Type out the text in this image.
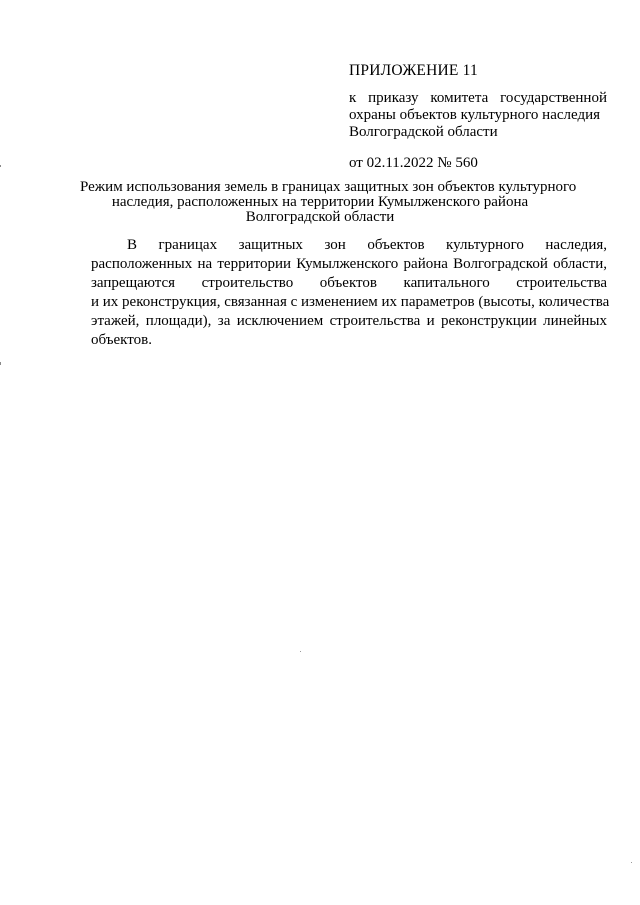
ПРИЛОЖЕНИЕ 11
к приказу комитета государственной
охраны объектов культурного наследия
Волгоградской области
от 02.11.2022 № 560
Режим использования земель в границах защитных зон объектов культурного
наследия, расположенных на территории Кумылженского района
Волгоградской области
В границах защитных зон объектов культурного наследия,
расположенных на территории Кумылженского района Волгоградской области,
запрещаются строительство объектов капитального строительства
и их реконструкция, связанная с изменением их параметров (высоты, количества
этажей, площади), за исключением строительства и реконструкции линейных
объектов.
